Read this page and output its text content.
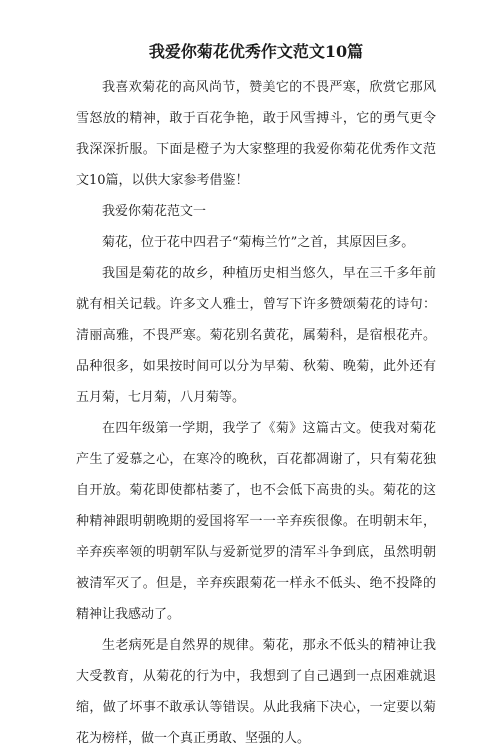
我爱你菊花优秀作文范文10篇

我喜欢菊花的高风尚节，赞美它的不畏严寒，欣赏它那风雪怒放的精神，敢于百花争艳，敢于风雪搏斗，它的勇气更令我深深折服。下面是橙子为大家整理的我爱你菊花优秀作文范文10篇，以供大家参考借鉴！

我爱你菊花范文一

菊花，位于花中四君子“菊梅兰竹”之首，其原因巨多。

我国是菊花的故乡，种植历史相当悠久，早在三千多年前就有相关记载。许多文人雅士，曾写下许多赞颂菊花的诗句：清丽高雅，不畏严寒。菊花别名黄花，属菊科，是宿根花卉。品种很多，如果按时间可以分为早菊、秋菊、晚菊，此外还有五月菊，七月菊，八月菊等。

在四年级第一学期，我学了《菊》这篇古文。使我对菊花产生了爱慕之心，在寒冷的晚秋，百花都凋谢了，只有菊花独自开放。菊花即使都枯萎了，也不会低下高贵的头。菊花的这种精神跟明朝晚期的爱国将军一一辛弃疾很像。在明朝末年，辛弃疾率领的明朝军队与爱新觉罗的清军斗争到底，虽然明朝被清军灭了。但是，辛弃疾跟菊花一样永不低头、绝不投降的精神让我感动了。

生老病死是自然界的规律。菊花，那永不低头的精神让我大受教育，从菊花的行为中，我想到了自己遇到一点困难就退缩，做了坏事不敢承认等错误。从此我痛下决心，一定要以菊花为榜样，做一个真正勇敢、坚强的人。
